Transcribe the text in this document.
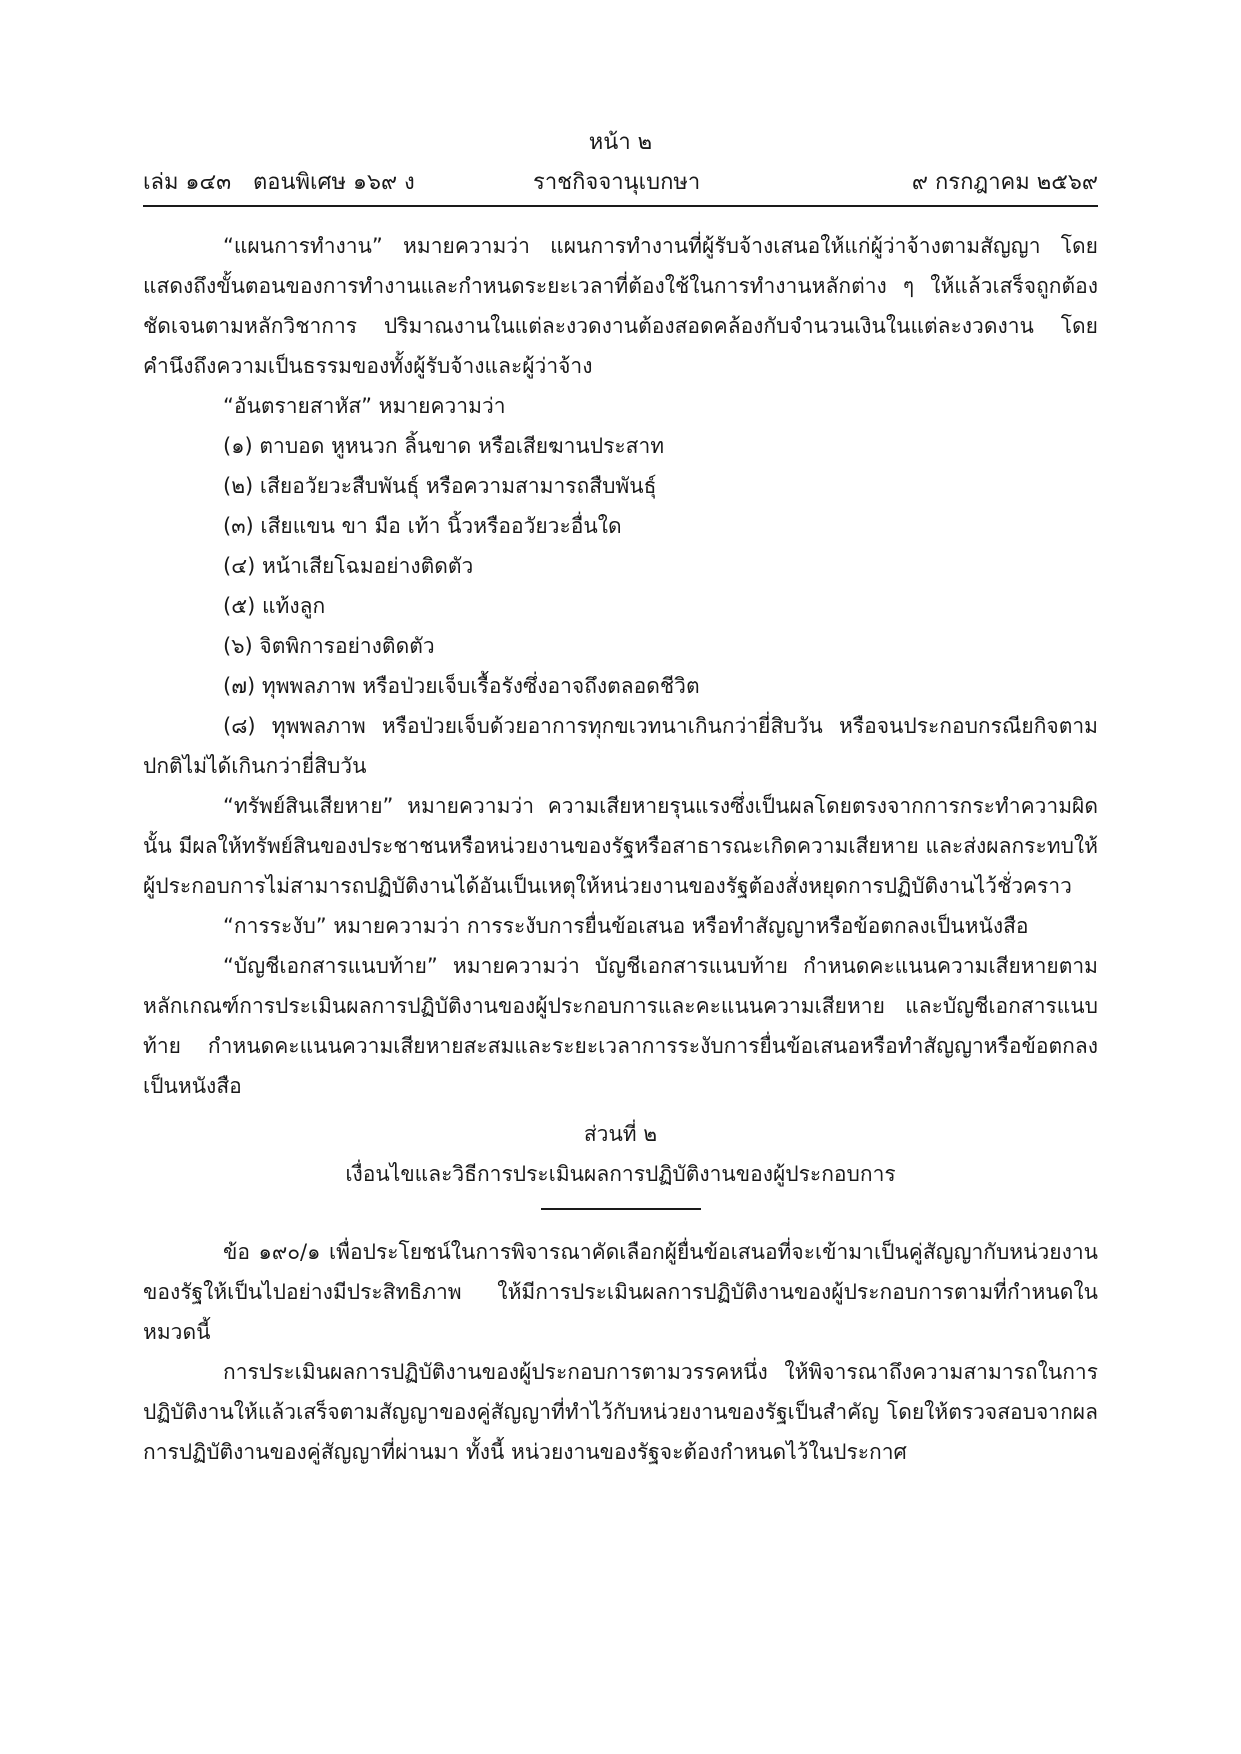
หน้า ๒
เล่ม ๑๔๓ ตอนพิเศษ ๑๖๙ ง	ราชกิจจานุเบกษา	๙ กรกฎาคม ๒๕๖๙

“แผนการทำงาน” หมายความว่า แผนการทำงานที่ผู้รับจ้างเสนอให้แก่ผู้ว่าจ้างตามสัญญา โดยแสดงถึงขั้นตอนของการทำงานและกำหนดระยะเวลาที่ต้องใช้ในการทำงานหลักต่าง ๆ ให้แล้วเสร็จถูกต้องชัดเจนตามหลักวิชาการ ปริมาณงานในแต่ละงวดงานต้องสอดคล้องกับจำนวนเงินในแต่ละงวดงาน โดยคำนึงถึงความเป็นธรรมของทั้งผู้รับจ้างและผู้ว่าจ้าง

“อันตรายสาหัส” หมายความว่า

(๑) ตาบอด หูหนวก ลิ้นขาด หรือเสียฆานประสาท

(๒) เสียอวัยวะสืบพันธุ์ หรือความสามารถสืบพันธุ์

(๓) เสียแขน ขา มือ เท้า นิ้วหรืออวัยวะอื่นใด

(๔) หน้าเสียโฉมอย่างติดตัว

(๕) แท้งลูก

(๖) จิตพิการอย่างติดตัว

(๗) ทุพพลภาพ หรือป่วยเจ็บเรื้อรังซึ่งอาจถึงตลอดชีวิต

(๘) ทุพพลภาพ หรือป่วยเจ็บด้วยอาการทุกขเวทนาเกินกว่ายี่สิบวัน หรือจนประกอบกรณียกิจตามปกติไม่ได้เกินกว่ายี่สิบวัน

“ทรัพย์สินเสียหาย” หมายความว่า ความเสียหายรุนแรงซึ่งเป็นผลโดยตรงจากการกระทำความผิดนั้น มีผลให้ทรัพย์สินของประชาชนหรือหน่วยงานของรัฐหรือสาธารณะเกิดความเสียหาย และส่งผลกระทบให้ผู้ประกอบการไม่สามารถปฏิบัติงานได้อันเป็นเหตุให้หน่วยงานของรัฐต้องสั่งหยุดการปฏิบัติงานไว้ชั่วคราว

“การระงับ” หมายความว่า การระงับการยื่นข้อเสนอ หรือทำสัญญาหรือข้อตกลงเป็นหนังสือ

“บัญชีเอกสารแนบท้าย” หมายความว่า บัญชีเอกสารแนบท้าย กำหนดคะแนนความเสียหายตามหลักเกณฑ์การประเมินผลการปฏิบัติงานของผู้ประกอบการและคะแนนความเสียหาย และบัญชีเอกสารแนบท้าย กำหนดคะแนนความเสียหายสะสมและระยะเวลาการระงับการยื่นข้อเสนอหรือทำสัญญาหรือข้อตกลงเป็นหนังสือ

ส่วนที่ ๒

เงื่อนไขและวิธีการประเมินผลการปฏิบัติงานของผู้ประกอบการ

ข้อ ๑๙๐/๑ เพื่อประโยชน์ในการพิจารณาคัดเลือกผู้ยื่นข้อเสนอที่จะเข้ามาเป็นคู่สัญญากับหน่วยงานของรัฐให้เป็นไปอย่างมีประสิทธิภาพ ให้มีการประเมินผลการปฏิบัติงานของผู้ประกอบการตามที่กำหนดในหมวดนี้

การประเมินผลการปฏิบัติงานของผู้ประกอบการตามวรรคหนึ่ง ให้พิจารณาถึงความสามารถในการปฏิบัติงานให้แล้วเสร็จตามสัญญาของคู่สัญญาที่ทำไว้กับหน่วยงานของรัฐเป็นสำคัญ โดยให้ตรวจสอบจากผลการปฏิบัติงานของคู่สัญญาที่ผ่านมา ทั้งนี้ หน่วยงานของรัฐจะต้องกำหนดไว้ในประกาศ
